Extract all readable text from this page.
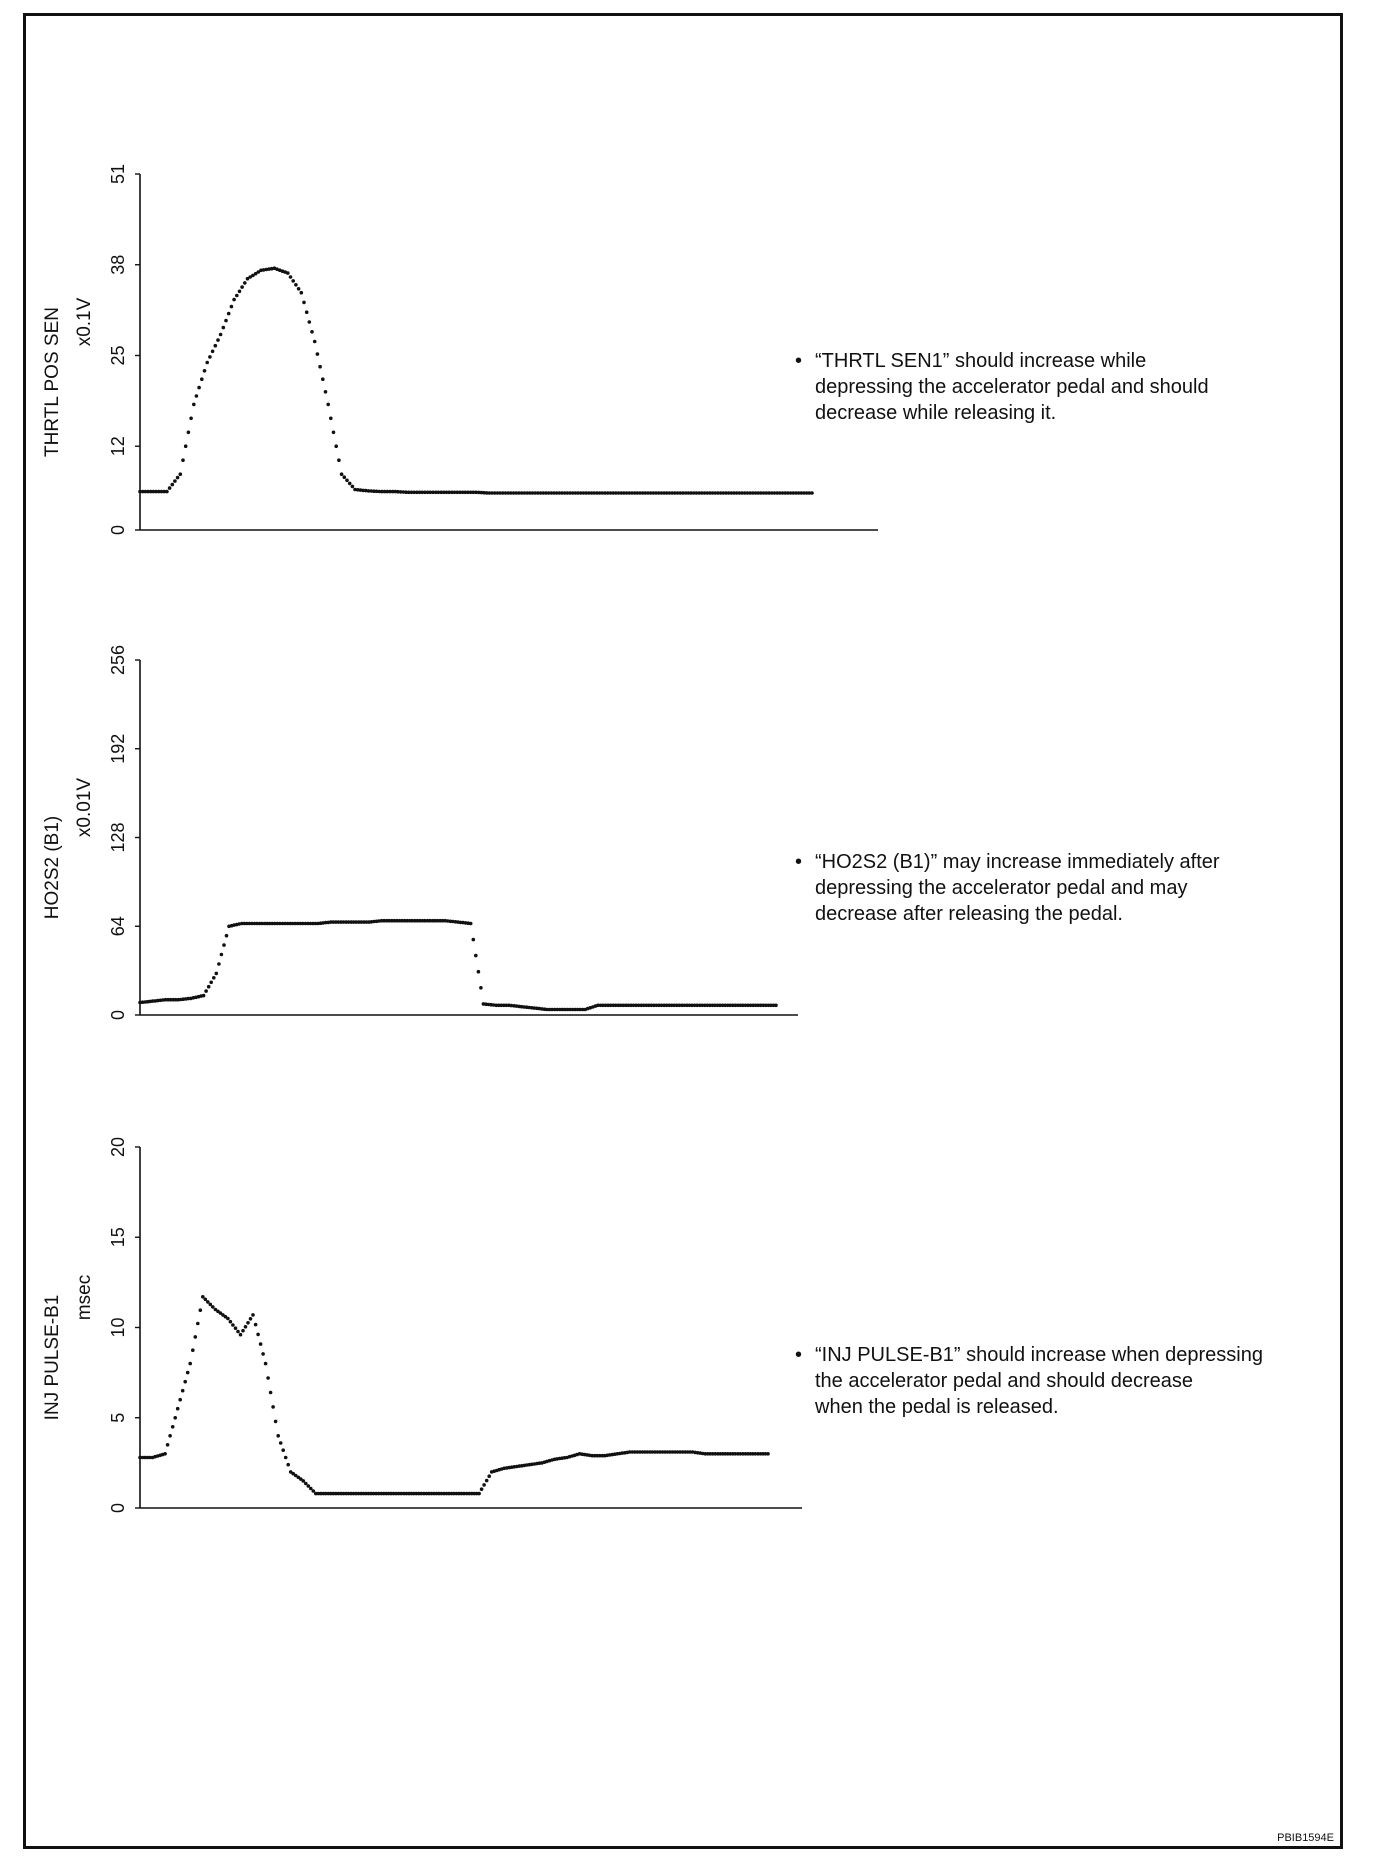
0
12
25
38
51
THRTL POS SEN x0.1V
0
64
128
192
256
HO2S2 (B1)
x0.01V
0
5
10
15
20
INJ PULSE-B1 msec
• “THRTL SEN1” should increase while
depressing the accelerator pedal and should
decrease while releasing it.
• “HO2S2 (B1)” may increase immediately after
depressing the accelerator pedal and may
decrease after releasing the pedal.
• “INJ PULSE-B1” should increase when depressing
the accelerator pedal and should decrease
when the pedal is released.
PBIB1594E
